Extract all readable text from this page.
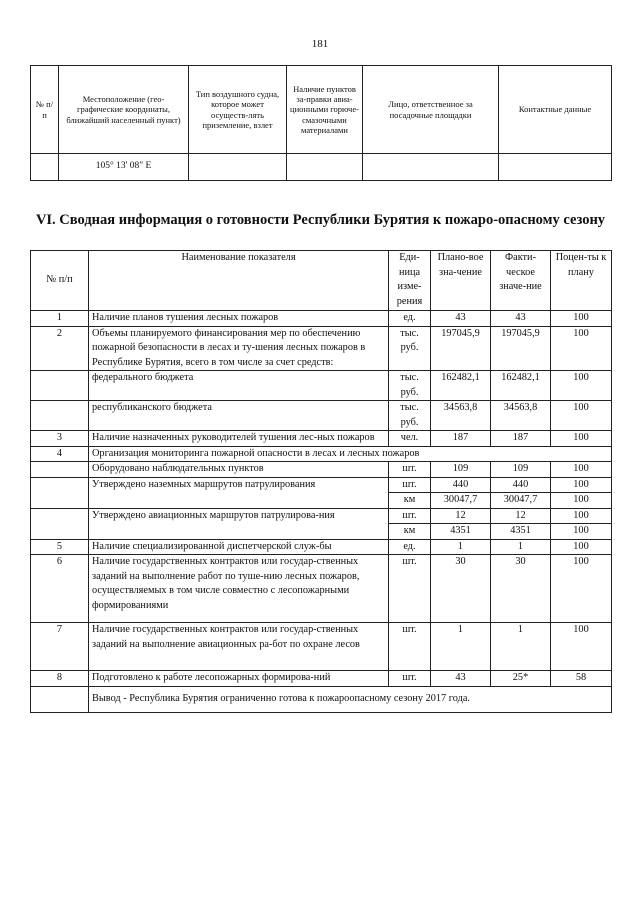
181
№ п/п	Местоположение (гео-графические координаты, ближайший населенный пункт)	Тип воздушного судна, которое может осуществ-лять приземление, взлет	Наличие пунктов за-правки авиа-ционными горюче-смазочными материалами	Лицо, ответственное за посадочные площадки	Контактные данные
	105° 13' 08" E				
VI. Сводная информация о готовности Республики Бурятия к пожаро-опасному сезону
№ п/п	Наименование показателя	Еди-ница изме-рения	Плано-вое зна-чение	Факти-ческое значе-ние	Поцен-ты к плану
1	Наличие планов тушения лесных пожаров	ед.	43	43	100
2	Объемы планируемого финансирования мер по обеспечению пожарной безопасности в лесах и ту-шения лесных пожаров в Республике Бурятия, всего в том числе за счет средств:	тыс. руб.	197045,9	197045,9	100
	федерального бюджета	тыс. руб.	162482,1	162482,1	100
	республиканского бюджета	тыс. руб.	34563,8	34563,8	100
3	Наличие назначенных руководителей тушения лес-ных пожаров	чел.	187	187	100
4	Организация мониторинга пожарной опасности в лесах и лесных пожаров				
	Оборудовано наблюдательных пунктов	шт.	109	109	100
	Утверждено наземных маршрутов патрулирования	шт.	440	440	100
		км	30047,7	30047,7	100
	Утверждено авиационных маршрутов патрулирова-ния	шт.	12	12	100
		км	4351	4351	100
5	Наличие специализированной диспетчерской служ-бы	ед.	1	1	100
6	Наличие государственных контрактов или государ-ственных заданий на выполнение работ по туше-нию лесных пожаров, осуществляемых в том числе совместно с лесопожарными формированиями	шт.	30	30	100
7	Наличие государственных контрактов или государ-ственных заданий на выполнение авиационных ра-бот по охране лесов	шт.	1	1	100
8	Подготовлено к работе лесопожарных формирова-ний	шт.	43	25*	58
	Вывод - Республика Бурятия ограниченно готова к пожароопасному сезону 2017 года.				
